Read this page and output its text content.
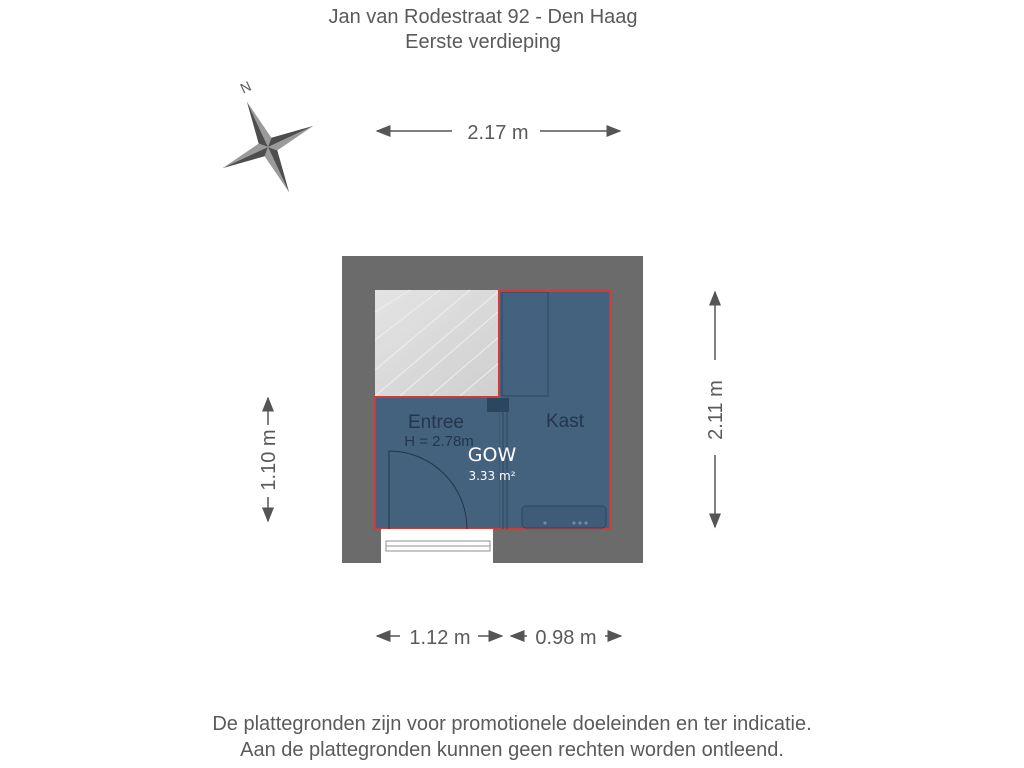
Jan van Rodestraat 92 - Den Haag
Eerste verdieping
N
2.17 m
2.11 m
1.10 m
1.12 m	0.98 m
Entree
H = 2.78m
Kast
GOW
3.33 m²
De plattegronden zijn voor promotionele doeleinden en ter indicatie.
Aan de plattegronden kunnen geen rechten worden ontleend.
